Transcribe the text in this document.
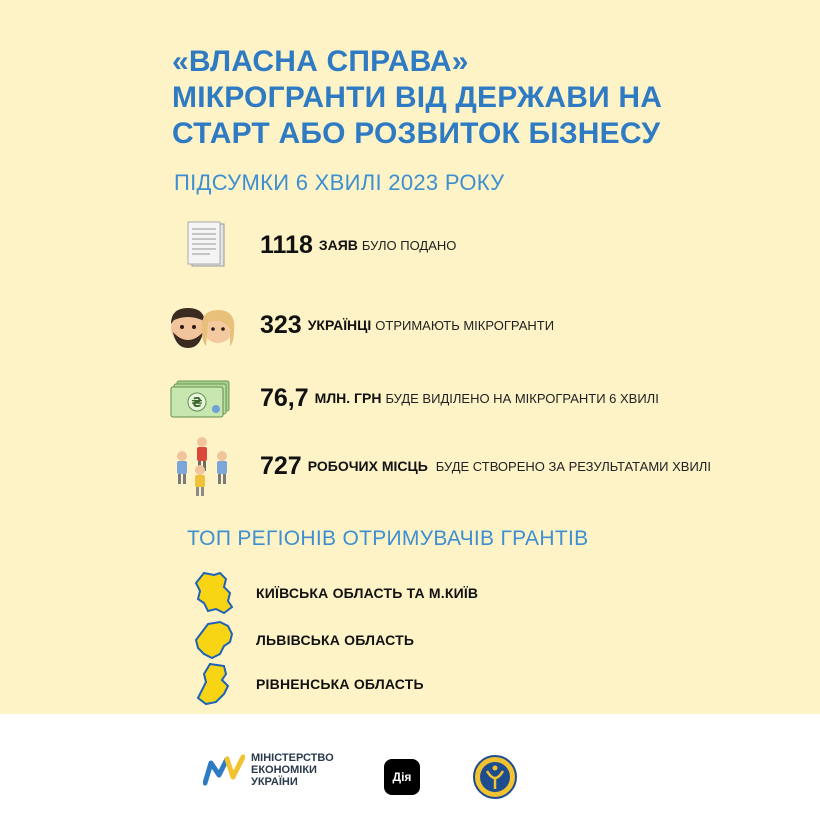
«ВЛАСНА СПРАВА»
МІКРОГРАНТИ ВІД ДЕРЖАВИ НА
СТАРТ АБО РОЗВИТОК БІЗНЕСУ
ПІДСУМКИ 6 ХВИЛІ 2023 РОКУ
1118 ЗАЯВ БУЛО ПОДАНО
323 УКРАЇНЦІ ОТРИМАЮТЬ МІКРОГРАНТИ
₴ 76,7 МЛН. ГРН БУДЕ ВИДІЛЕНО НА МІКРОГРАНТИ 6 ХВИЛІ
727 РОБОЧИХ МІСЦЬ БУДЕ СТВОРЕНО ЗА РЕЗУЛЬТАТАМИ ХВИЛІ
ТОП РЕГІОНІВ ОТРИМУВАЧІВ ГРАНТІВ
КИЇВСЬКА ОБЛАСТЬ ТА М.КИЇВ
ЛЬВІВСЬКА ОБЛАСТЬ
РІВНЕНСЬКА ОБЛАСТЬ
МІНІСТЕРСТВО
ЕКОНОМІКИ
УКРАЇНИ	Дія
